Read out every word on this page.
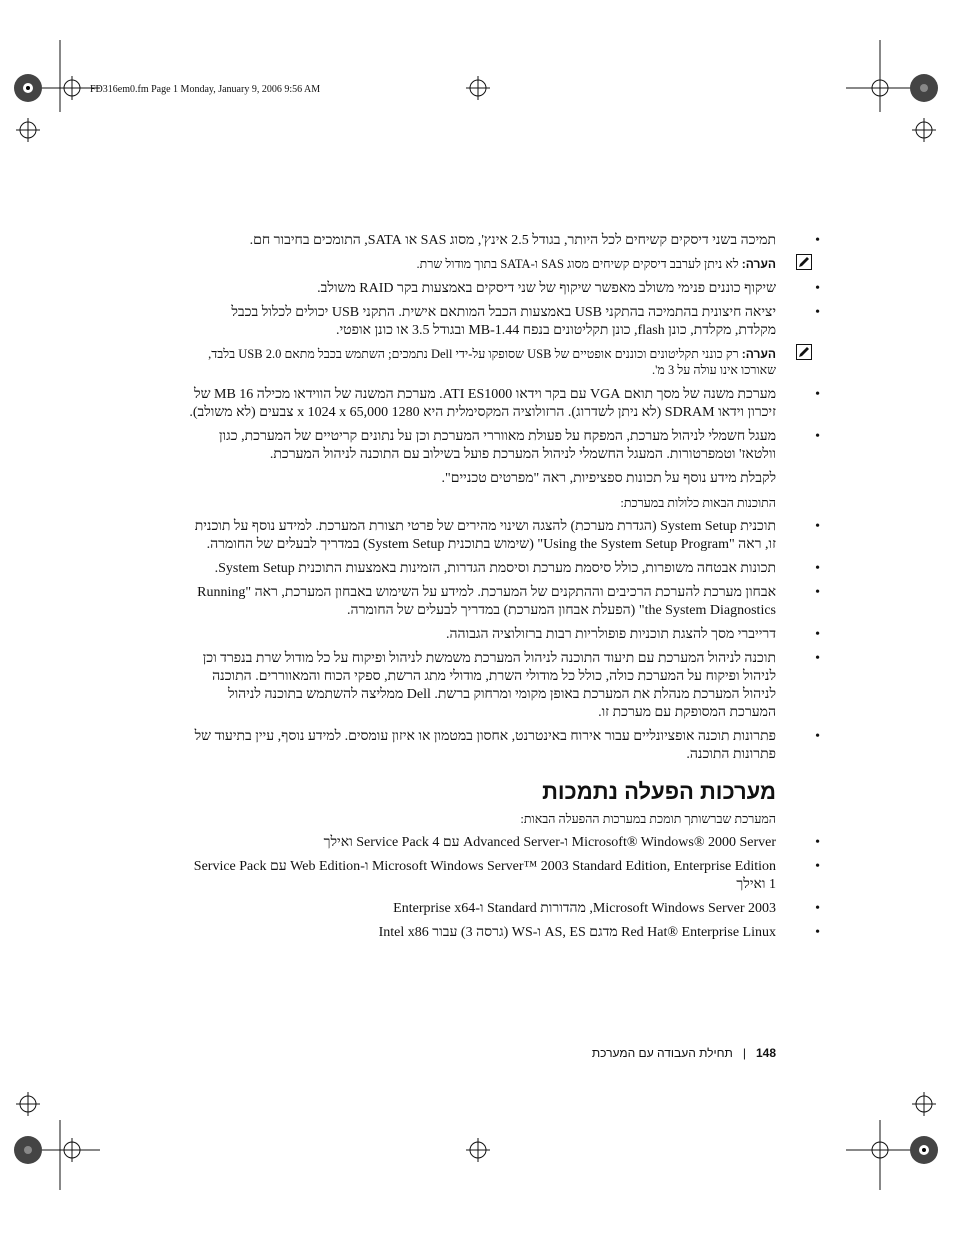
FD316em0.fm Page 1 Monday, January 9, 2006 9:56 AM
•
תמיכה בשני דיסקים קשיחים לכל היותר, בגודל 2.5 אינץ', מסוג SAS או SATA, התומכים בחיבור חם.
הערה: לא ניתן לערבב דיסקים קשיחים מסוג SAS ו-SATA בתוך מודול שרת.
•
שיקוף כוננים פנימי משולב מאפשר שיקוף של שני דיסקים באמצעות בקר RAID משולב.
•
יציאה חיצונית בהתמיכה בהתקני USB באמצעות הכבל המותאם אישית. התקני USB יכולים לכלול בכבל מקלדת, מקלדת, כונן flash, כונן תקליטונים בנפח 1.44-MB ובגודל 3.5 או כונן אופטי.
הערה: רק כונני תקליטונים וכוננים אופטיים של USB שסופקו על-ידי Dell נתמכים; השתמש בכבל מתאם USB 2.0 בלבד, שאורכו אינו עולה על 3 מ'.
•
מערכת משנה של מסך תואם VGA עם בקר וידאו ATI ES1000. מערכת המשנה של הווידאו מכילה 16 MB של זיכרון וידאו SDRAM (לא ניתן לשדרוג). הרזולוציה המקסימלית היא 1280 x 1024 x 65,000 צבעים (לא משולב).
•
מעגל חשמלי לניהול מערכת, המפקח על פעולת מאווררי המערכת וכן על נתונים קריטיים של המערכת, כגון וולטאז' וטמפרטורות. המעגל החשמלי לניהול המערכת פועל בשילוב עם התוכנה לניהול המערכת.

לקבלת מידע נוסף על תכונות ספציפיות, ראה "מפרטים טכניים".

התוכנות הבאות כלולות במערכת:

•
תוכנית System Setup (הגדרת מערכת) להצגה ושינוי מהירים של פרטי תצורת המערכת. למידע נוסף על תוכנית זו, ראה "Using the System Setup Program" (שימוש בתוכנית System Setup) במדריך לבעלים של החומרה.
•
תכונות אבטחה משופרות, כולל סיסמת מערכת וסיסמת הגדרות, הזמינות באמצעות התוכנית System Setup.
•
אבחון מערכת להערכת הרכיבים וההתקנים של המערכת. למידע על השימוש באבחון המערכת, ראה "Running the System Diagnostics" (הפעלת אבחון המערכת) במדריך לבעלים של החומרה.
•
דרייברי מסך להצגת תוכניות פופולריות רבות ברזולוציה הגבוהה.
•
תוכנה לניהול המערכת עם תיעוד התוכנה לניהול המערכת משמשת לניהול ופיקוח על כל מודול שרת בנפרד וכן לניהול ופיקוח על המערכת כולה, כולל כל מודולי השרת, מודולי מתג הרשת, ספקי הכוח והמאווררים. התוכנה לניהול המערכת מנהלת את המערכת באופן מקומי ומרחוק ברשת. Dell ממליצה להשתמש בתוכנה לניהול המערכת המסופקת עם מערכת זו.
•
פתרונות תוכנה אופציונליים עבור אירוח באינטרנט, אחסון במטמון או איזון עומסים. למידע נוסף, עיין בתיעוד של פתרונות התוכנה.
מערכות הפעלה נתמכות

המערכת שברשותך תומכת במערכות ההפעלה הבאות:

•
Microsoft® Windows® 2000 Server ו-Advanced Server עם Service Pack 4 ואילך
•
Microsoft Windows Server™ 2003 Standard Edition, Enterprise Edition ו-Web Edition עם Service Pack 1 ואילך
•
Microsoft Windows Server 2003, מהדורות Standard ו-Enterprise x64
•
Red Hat® Enterprise Linux מדגם AS, ES ו-WS (גרסה 3) עבור Intel x86
148|תחילת העבודה עם המערכת
